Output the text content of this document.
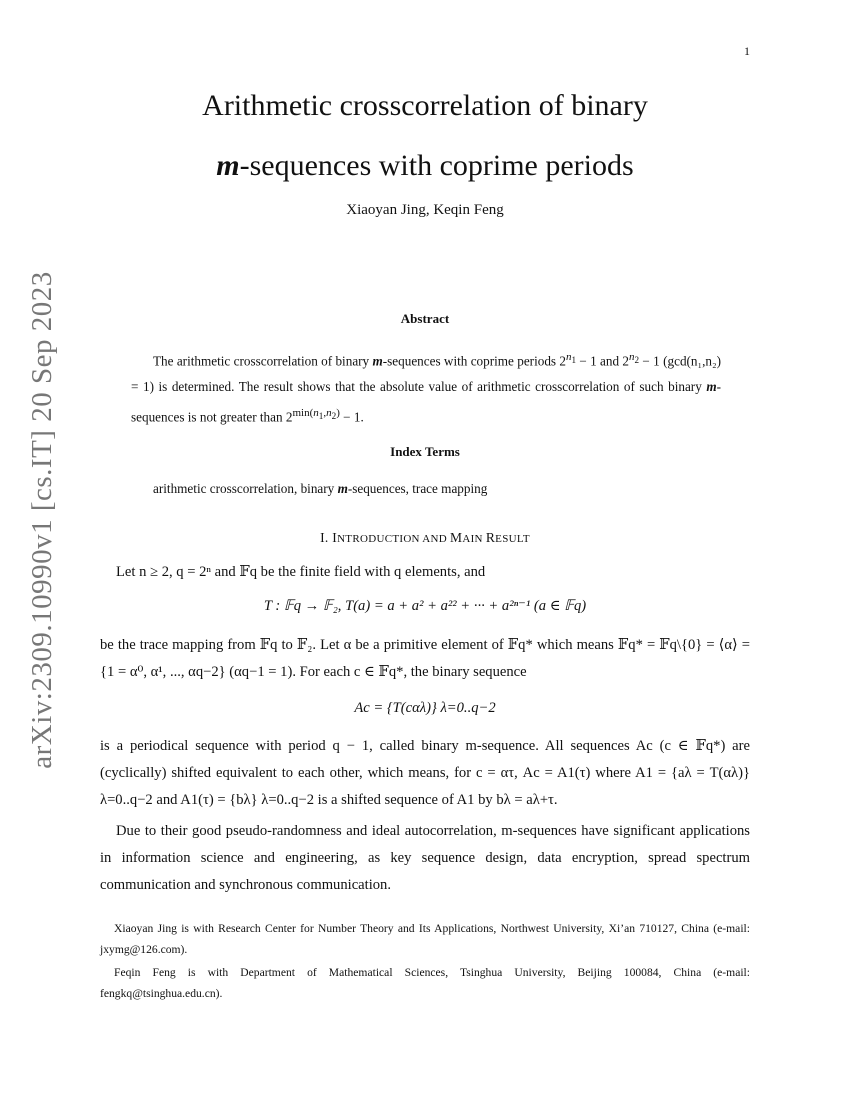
1
arXiv:2309.10990v1 [cs.IT] 20 Sep 2023
Arithmetic crosscorrelation of binary
m-sequences with coprime periods
Xiaoyan Jing, Keqin Feng
Abstract
The arithmetic crosscorrelation of binary m-sequences with coprime periods $2^{n_1} - 1$ and $2^{n_2} - 1$ (gcd(n₁,n₂) = 1) is determined. The result shows that the absolute value of arithmetic crosscorrelation of such binary m-sequences is not greater than $2^{min(n_1,n_2)} - 1$.
Index Terms
arithmetic crosscorrelation, binary m-sequences, trace mapping
I. INTRODUCTION AND MAIN RESULT
Let n ≥ 2, q = 2ⁿ and 𝔽q be the finite field with q elements, and
T : 𝔽q → 𝔽₂, T(a) = a + a² + a²² + ··· + a²ⁿ⁻¹ (a ∈ 𝔽q)
be the trace mapping from 𝔽q to 𝔽₂. Let α be a primitive element of 𝔽q* which means 𝔽q* = 𝔽q\{0} = ⟨α⟩ = {1 = α⁰, α¹, ..., αq−2} (αq−1 = 1). For each c ∈ 𝔽q*, the binary sequence
Ac = {T(cαλ)} λ=0..q−2
is a periodical sequence with period q − 1, called binary m-sequence. All sequences Ac (c ∈ 𝔽q*) are (cyclically) shifted equivalent to each other, which means, for c = ατ, Ac = A1(τ) where A1 = {aλ = T(αλ)} λ=0..q−2 and A1(τ) = {bλ} λ=0..q−2 is a shifted sequence of A1 by bλ = aλ+τ.
Due to their good pseudo-randomness and ideal autocorrelation, m-sequences have significant applications in information science and engineering, as key sequence design, data encryption, spread spectrum communication and synchronous communication.
Xiaoyan Jing is with Research Center for Number Theory and Its Applications, Northwest University, Xi’an 710127, China (e-mail: jxymg@126.com).
Feqin Feng is with Department of Mathematical Sciences, Tsinghua University, Beijing 100084, China (e-mail: fengkq@tsinghua.edu.cn).
